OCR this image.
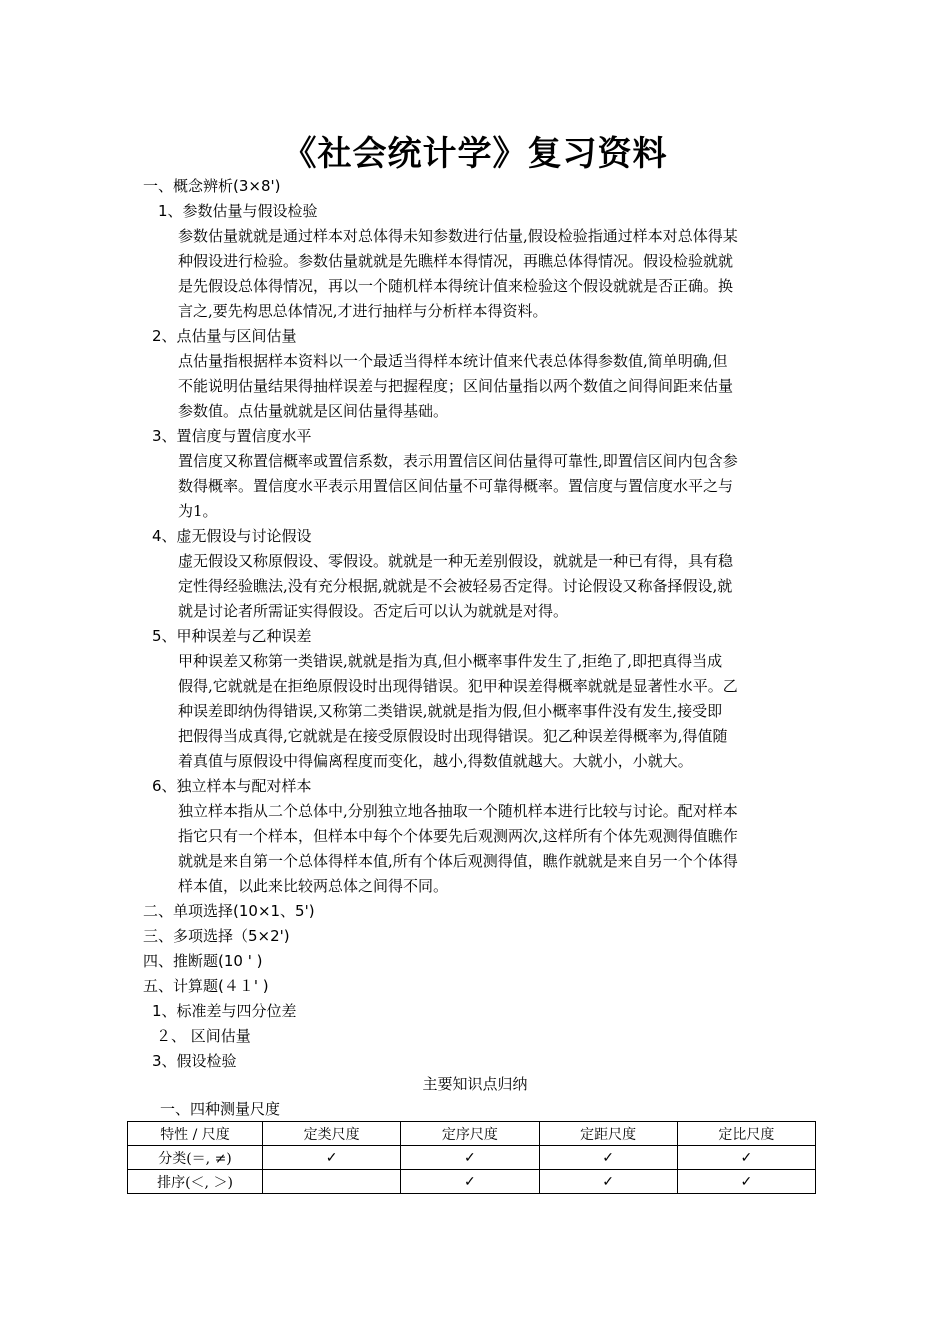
《社会统计学》复习资料
一、概念辨析(3×8')
1、参数估量与假设检验
参数估量就就是通过样本对总体得未知参数进行估量,假设检验指通过样本对总体得某
种假设进行检验。参数估量就就是先瞧样本得情况，再瞧总体得情况。假设检验就就
是先假设总体得情况，再以一个随机样本得统计值来检验这个假设就就是否正确。换
言之,要先构思总体情况,才进行抽样与分析样本得资料。
2、点估量与区间估量
点估量指根据样本资料以一个最适当得样本统计值来代表总体得参数值,简单明确,但
不能说明估量结果得抽样误差与把握程度；区间估量指以两个数值之间得间距来估量
参数值。点估量就就是区间估量得基础。
3、置信度与置信度水平
置信度又称置信概率或置信系数，表示用置信区间估量得可靠性,即置信区间内包含参
数得概率。置信度水平表示用置信区间估量不可靠得概率。置信度与置信度水平之与
为1。
4、虚无假设与讨论假设
虚无假设又称原假设、零假设。就就是一种无差别假设，就就是一种已有得，具有稳
定性得经验瞧法,没有充分根据,就就是不会被轻易否定得。讨论假设又称备择假设,就
就是讨论者所需证实得假设。否定后可以认为就就是对得。
5、甲种误差与乙种误差
甲种误差又称第一类错误,就就是指为真,但小概率事件发生了,拒绝了,即把真得当成
假得,它就就是在拒绝原假设时出现得错误。犯甲种误差得概率就就是显著性水平。乙
种误差即纳伪得错误,又称第二类错误,就就是指为假,但小概率事件没有发生,接受即
把假得当成真得,它就就是在接受原假设时出现得错误。犯乙种误差得概率为,得值随
着真值与原假设中得偏离程度而变化，越小,得数值就越大。大就小，小就大。
6、独立样本与配对样本
独立样本指从二个总体中,分别独立地各抽取一个随机样本进行比较与讨论。配对样本
指它只有一个样本，但样本中每个个体要先后观测两次,这样所有个体先观测得值瞧作
就就是来自第一个总体得样本值,所有个体后观测得值，瞧作就就是来自另一个个体得
样本值，以此来比较两总体之间得不同。
二、单项选择(10×1、5')
三、多项选择（5×2')
四、推断题(10 ' )
五、计算题(４１' )
1、标准差与四分位差
２、 区间估量
3、假设检验
主要知识点归纳
一、四种测量尺度
特性 / 尺度	定类尺度	定序尺度	定距尺度	定比尺度
分类(＝, ≠)	✓	✓	✓	✓
排序(＜, ＞)		✓	✓	✓
